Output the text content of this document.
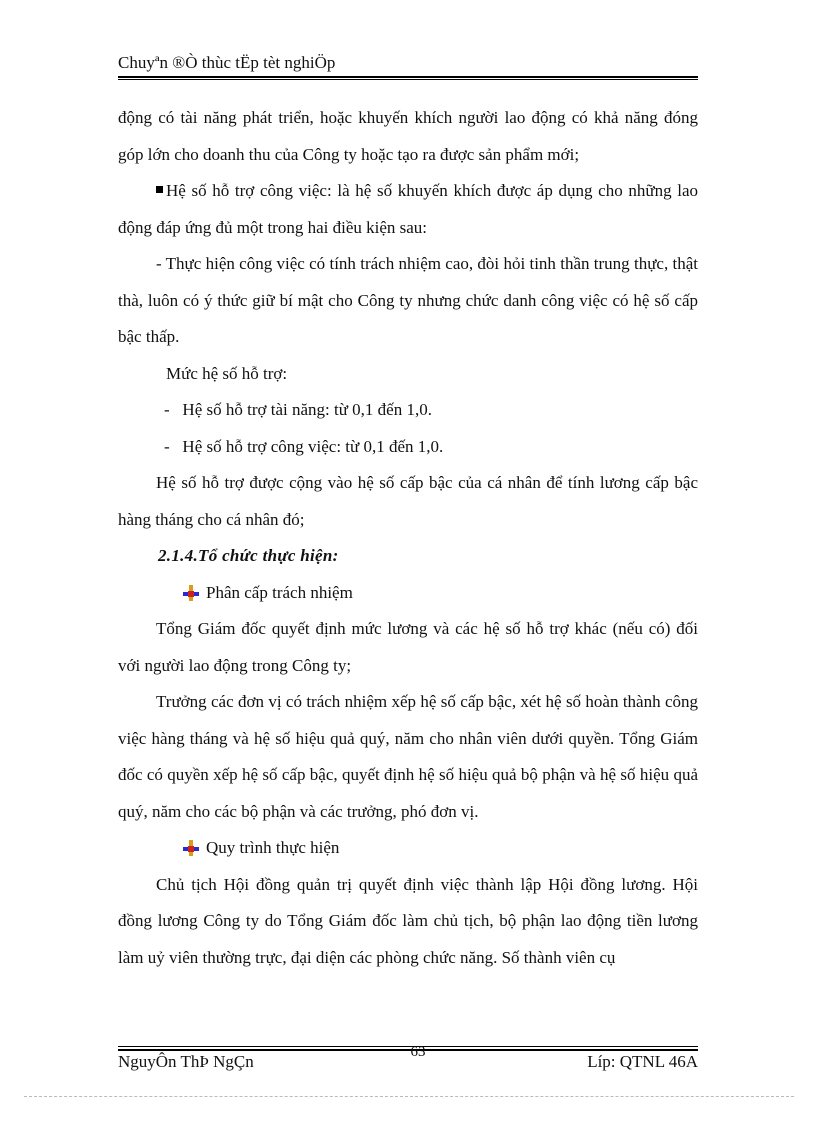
Chuyªn ®Ò thùc tËp tèt nghiÖp

động có tài năng phát triển, hoặc khuyến khích người lao động có khả năng đóng góp lớn cho doanh thu của Công ty hoặc tạo ra được sản phẩm mới;

Hệ số hỗ trợ công việc: là hệ số khuyến khích được áp dụng cho những lao động đáp ứng đủ một trong hai điều kiện sau:

- Thực hiện công việc có tính trách nhiệm cao, đòi hỏi tinh thần trung thực, thật thà, luôn có ý thức giữ bí mật cho Công ty nhưng chức danh công việc có hệ số cấp bậc thấp.

Mức hệ số hỗ trợ:

-   Hệ số hỗ trợ tài năng: từ 0,1 đến 1,0.

-   Hệ số hỗ trợ công việc: từ 0,1 đến 1,0.

Hệ số hỗ trợ được cộng vào hệ số cấp bậc của cá nhân để tính lương cấp bậc hàng tháng cho cá nhân đó;

2.1.4.Tổ chức thực hiện:

Phân cấp trách nhiệm

Tổng Giám đốc quyết định mức lương và các hệ số hỗ trợ khác (nếu có) đối với người lao động trong Công ty;

Trưởng các đơn vị có trách nhiệm xếp hệ số cấp bậc, xét hệ số hoàn thành công việc hàng tháng và hệ số hiệu quả quý, năm cho nhân viên dưới quyền. Tổng Giám đốc có quyền xếp hệ số cấp bậc, quyết định hệ số hiệu quả bộ phận và hệ số hiệu quả quý, năm cho các bộ phận và các trưởng, phó đơn vị.

Quy trình thực hiện

Chủ tịch Hội đồng quản trị quyết định việc thành lập Hội đồng lương. Hội đồng lương Công ty do Tổng Giám đốc làm chủ tịch, bộ phận lao động tiền lương làm uỷ viên thường trực, đại diện các phòng chức năng. Số thành viên cụ

NguyÔn ThÞ NgÇn	63	Líp: QTNL 46A
